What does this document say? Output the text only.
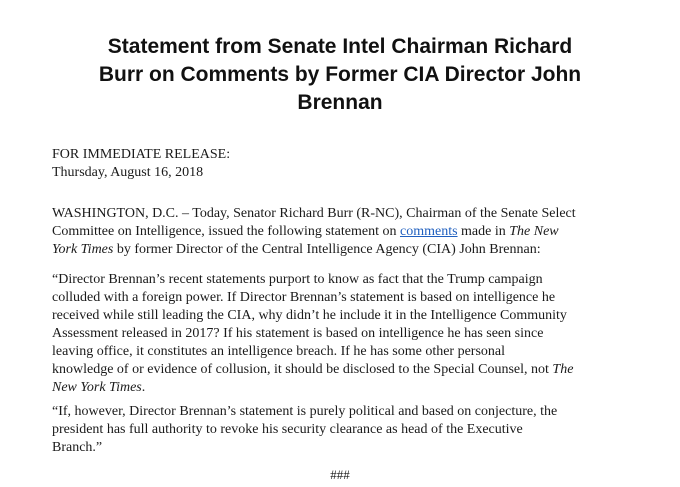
Statement from Senate Intel Chairman Richard
Burr on Comments by Former CIA Director John
Brennan
FOR IMMEDIATE RELEASE:
Thursday, August 16, 2018
WASHINGTON, D.C. – Today, Senator Richard Burr (R-NC), Chairman of the Senate Select
Committee on Intelligence, issued the following statement on comments made in The New
York Times by former Director of the Central Intelligence Agency (CIA) John Brennan:
“Director Brennan’s recent statements purport to know as fact that the Trump campaign
colluded with a foreign power. If Director Brennan’s statement is based on intelligence he
received while still leading the CIA, why didn’t he include it in the Intelligence Community
Assessment released in 2017? If his statement is based on intelligence he has seen since
leaving office, it constitutes an intelligence breach. If he has some other personal
knowledge of or evidence of collusion, it should be disclosed to the Special Counsel, not The
New York Times.
“If, however, Director Brennan’s statement is purely political and based on conjecture, the
president has full authority to revoke his security clearance as head of the Executive
Branch.”
###
